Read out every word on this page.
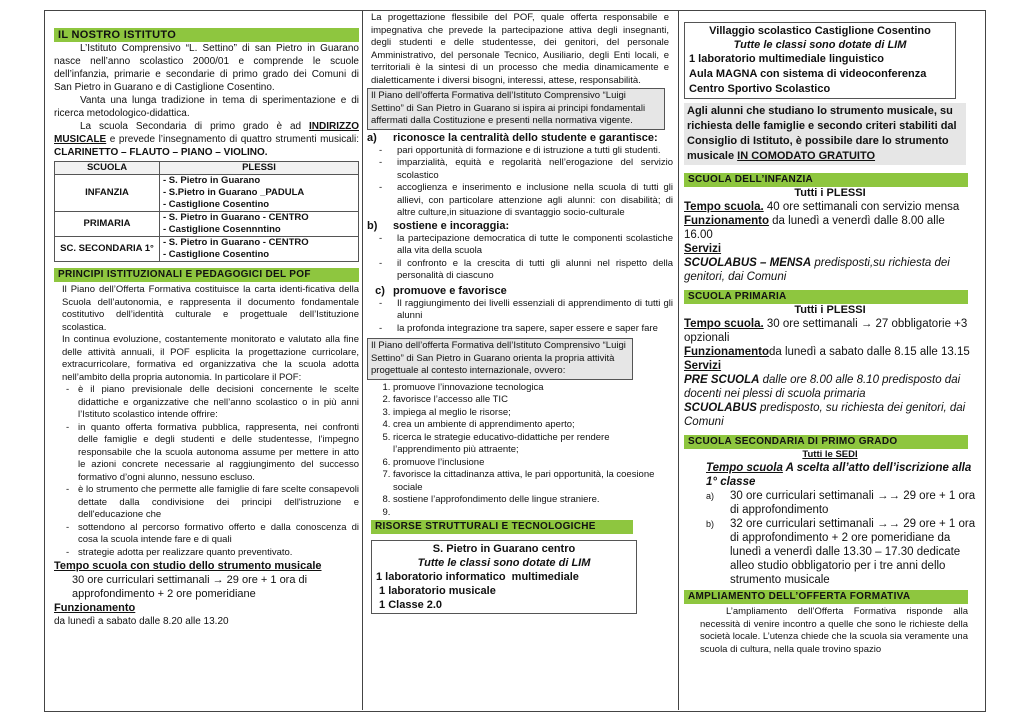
IL NOSTRO ISTITUTO

L’Istituto Comprensivo “L. Settino” di san Pietro in Guarano nasce nell’anno scolastico 2000/01 e comprende le scuole dell’infanzia, primarie e secondarie di primo grado dei Comuni di San Pietro in Guarano e di Castiglione Cosentino.

Vanta una lunga tradizione in tema di sperimentazione e di ricerca metodologico-didattica.

La scuola Secondaria di primo grado è ad INDIRIZZO MUSICALE e prevede l’insegnamento di quattro strumenti musicali: CLARINETTO – FLAUTO – PIANO – VIOLINO.

SCUOLA	PLESSI
INFANZIA	- S. Pietro in Guarano
- S.Pietro in Guarano _PADULA
- Castiglione Cosentino

PRIMARIA	- S. Pietro in Guarano - CENTRO
- Castiglione Cosennntino

SC. SECONDARIA 1°	- S. Pietro in Guarano - CENTRO
- Castiglione Cosentino
PRINCIPI ISTITUZIONALI E PEDAGOGICI DEL POF

Il Piano dell’Offerta Formativa costituisce la carta identi-ficativa della Scuola dell’autonomia, e rappresenta il documento fondamentale costitutivo dell’identità culturale e progettuale dell’Istituzione scolastica.

In continua evoluzione, costantemente monitorato e valutato alla fine delle attività annuali, il POF esplicita la progettazione curricolare, extracurricolare, formativa ed organizzativa che la scuola adotta nell’ambito della propria autonomia. In particolare il POF:

- è il piano previsionale delle decisioni concernente le scelte didattiche e organizzative che nell’anno scolastico o in più anni l’Istituto scolastico intende offrire:
- in quanto offerta formativa pubblica, rappresenta, nei confronti delle famiglie e degli studenti e delle studentesse, l’impegno responsabile che la scuola autonoma assume per mettere in atto le azioni concrete necessarie al raggiungimento del successo formativo d’ogni alunno, nessuno escluso.
- è lo strumento che permette alle famiglie di fare scelte consapevoli dettate dalla condivisione dei principi dell'istruzione e dell'educazione che
- sottendono al percorso formativo offerto e dalla conoscenza di cosa la scuola intende fare e di quali
- strategie adotta per realizzare quanto preventivato.

Tempo scuola con studio dello strumento musicale

30 ore curriculari settimanali → 29 ore + 1 ora di approfondimento + 2 ore pomeridiane

Funzionamento

da lunedì a sabato dalle 8.20 alle 13.20

La progettazione flessibile del POF, quale offerta responsabile e impegnativa che prevede la partecipazione attiva degli insegnanti, degli studenti e delle studentesse, dei genitori, del personale Amministrativo, del personale Tecnico, Ausiliario, degli Enti locali, e territoriali è la sintesi di un processo che media dinamicamente e dialetticamente i diversi bisogni, interessi, attese, responsabilità.

Il Piano dell’offerta Formativa dell’Istituto Comprensivo “Luigi Settino” di San Pietro in Guarano si ispira ai principi fondamentali affermati dalla Costituzione e presenti nella normativa vigente.

a) riconosce la centralità dello studente e garantisce:

- pari opportunità di formazione e di istruzione a tutti gli studenti.
- imparzialità, equità e regolarità nell’erogazione del servizio scolastico
- accoglienza e inserimento e inclusione nella scuola di tutti gli allievi, con particolare attenzione agli alunni: con disabilità; di altre culture,in situazione di svantaggio socio-culturale

b) sostiene e incoraggia:

- la partecipazione democratica di tutte le componenti scolastiche alla vita della scuola
- il confronto e la crescita di tutti gli alunni nel rispetto della personalità di ciascuno

c) promuove e favorisce

- Il raggiungimento dei livelli essenziali di apprendimento di tutti gli alunni
- la profonda integrazione tra sapere, saper essere e saper fare
Il Piano dell’offerta Formativa dell’Istituto Comprensivo “Luigi Settino” di San Pietro in Guarano orienta la propria attività progettuale al contesto internazionale, ovvero:
1. promuove l’innovazione tecnologica
2. favorisce l’accesso alle TIC
3. impiega al meglio le risorse;
4. crea un ambiente di apprendimento aperto;
5. ricerca le strategie educativo-didattiche per rendere l’apprendimento più attraente;
6. promuove l’inclusione
7. favorisce la cittadinanza attiva, le pari opportunità, la coesione sociale
8. sostiene l’approfondimento delle lingue straniere.
9.
RISORSE STRUTTURALI E TECNOLOGICHE

S. Pietro in Guarano centro

Tutte le classi sono dotate di LIM

1 laboratorio informatico  multimediale

1 laboratorio musicale

1 Classe 2.0

Villaggio scolastico Castiglione Cosentino

Tutte le classi sono dotate di LIM

1 laboratorio multimediale linguistico

Aula MAGNA con sistema di videoconferenza

Centro Sportivo Scolastico

Agli alunni che studiano lo strumento musicale, su richiesta delle famiglie e secondo criteri stabiliti dal Consiglio di Istituto, è possibile dare lo strumento musicale IN COMODATO GRATUITO

SCUOLA DELL’INFANZIA

Tutti i PLESSI

Tempo scuola. 40 ore settimanali con servizio mensa

Funzionamento da lunedì a venerdì dalle 8.00 alle 16.00

Servizi

SCUOLABUS – MENSA predisposti,su richiesta dei genitori, dai Comuni

SCUOLA PRIMARIA

Tutti i PLESSI

Tempo scuola. 30 ore settimanali → 27 obbligatorie +3 opzionali

Funzionamentoda lunedì a sabato dalle 8.15 alle 13.15

Servizi

PRE SCUOLA dalle ore 8.00 alle 8.10 predisposto dai docenti nei plessi di scuola primaria

SCUOLABUS predisposto, su richiesta dei genitori, dai Comuni

SCUOLA SECONDARIA DI PRIMO GRADO

Tutti le SEDI

Tempo scuola A scelta all’atto dell’iscrizione alla 1° classe

a) 30 ore curriculari settimanali →→ 29 ore + 1 ora di approfondimento
b) 32 ore curriculari settimanali →→ 29 ore + 1 ora di approfondimento + 2 ore pomeridiane da lunedì a venerdì dalle 13.30 – 17.30 dedicate alleo studio obbligatorio per i tre anni dello strumento musicale
AMPLIAMENTO DELL’OFFERTA FORMATIVA

L’ampliamento dell’Offerta Formativa risponde alla necessità di venire incontro a quelle che sono le richieste della società locale. L’utenza chiede che la scuola sia veramente una scuola di cultura, nella quale trovino spazio
